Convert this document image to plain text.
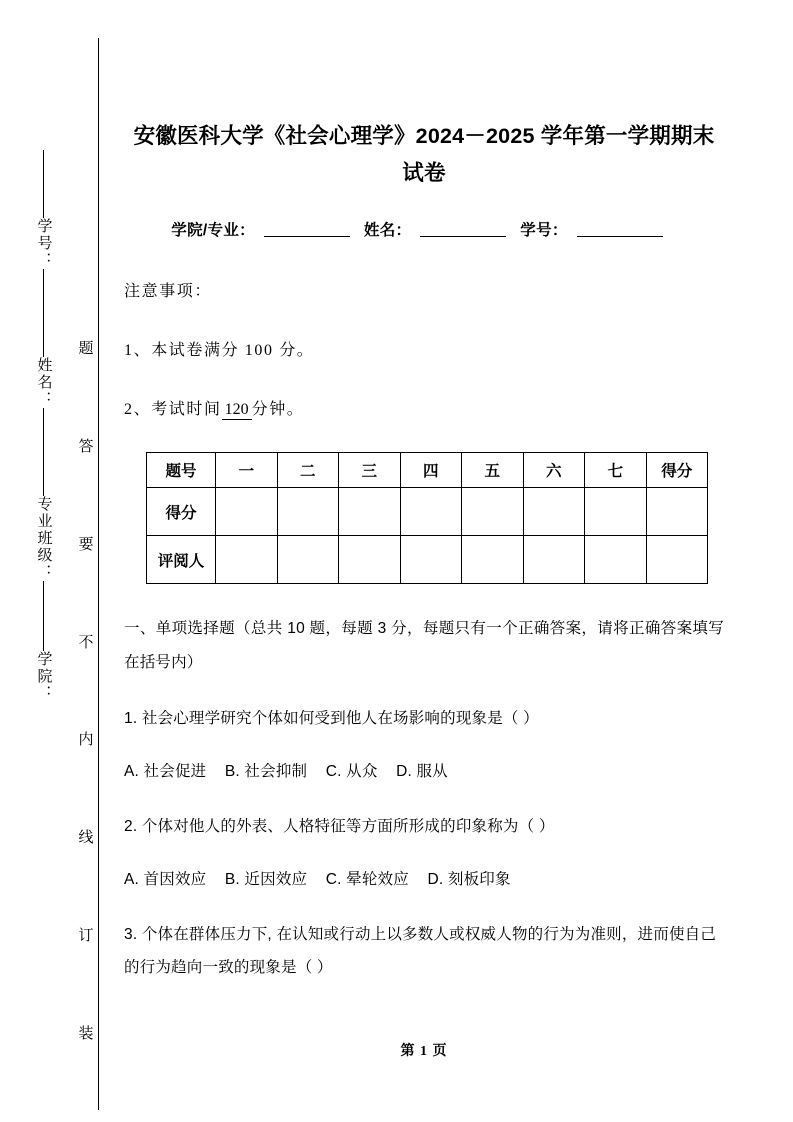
学号：
姓名：
专业班级：
学院：
题
答
要
不
内
线
订
装
安徽医科大学《社会心理学》2024－2025 学年第一学期期末试卷
学院/专业：	姓名：	学号：

注意事项：

1、本试卷满分 100 分。

2、考试时间 120 分钟。

题号	一	二	三	四	五	六	七	得分
得分								
评阅人								

一、单项选择题（总共 10 题，每题 3 分，每题只有一个正确答案，请将正确答案填写在括号内）

1. 社会心理学研究个体如何受到他人在场影响的现象是（ ）

A. 社会促进 B. 社会抑制 C. 从众 D. 服从

2. 个体对他人的外表、人格特征等方面所形成的印象称为（ ）

A. 首因效应 B. 近因效应 C. 晕轮效应 D. 刻板印象

3. 个体在群体压力下, 在认知或行动上以多数人或权威人物的行为为准则，进而使自己的行为趋向一致的现象是（ ）

第 1 页
